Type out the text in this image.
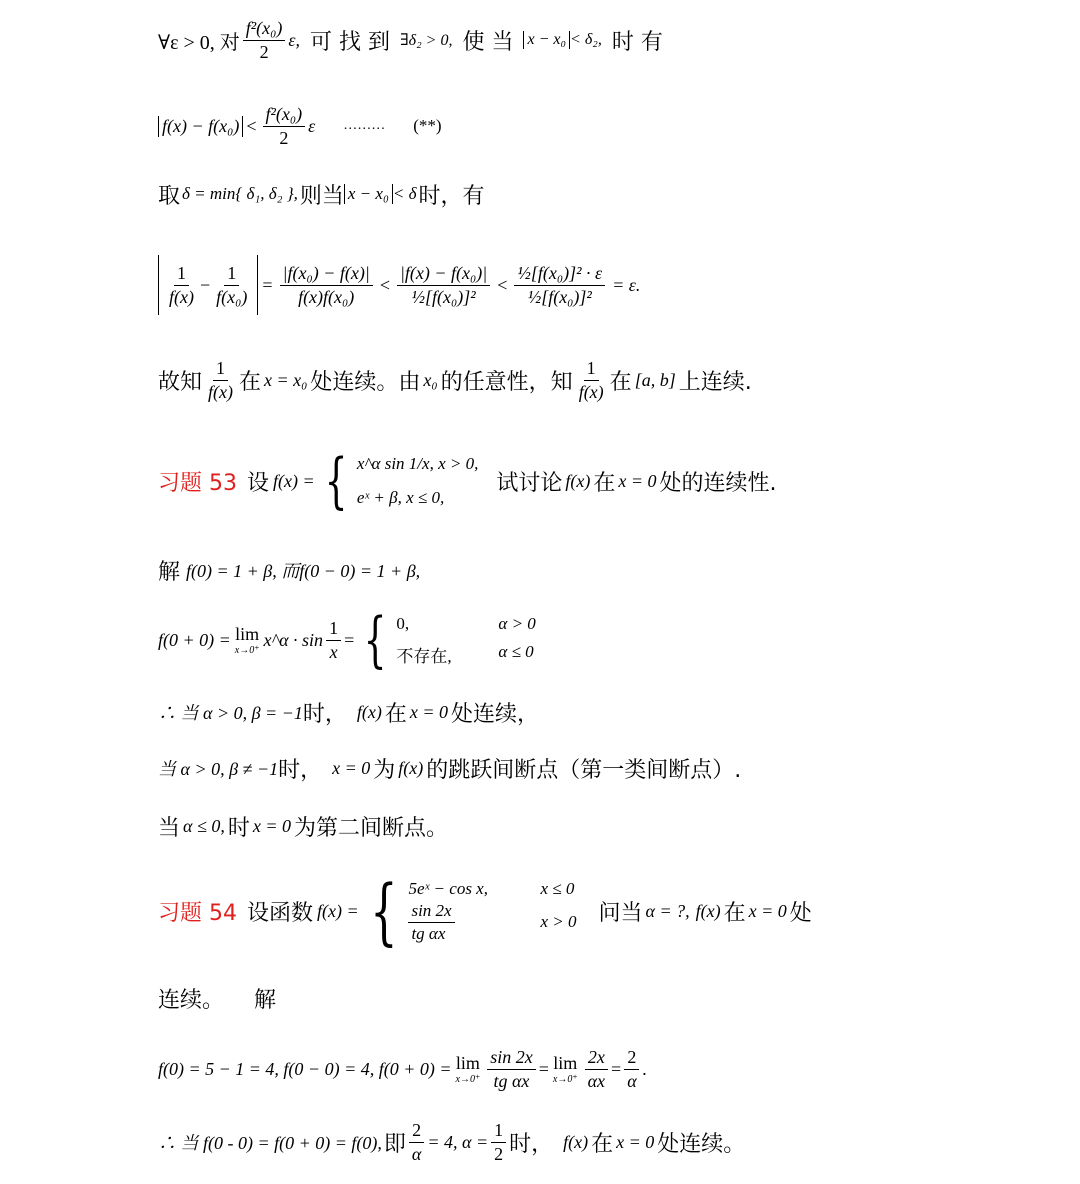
∀ε > 0, 对 $\frac{\text{f²(x₀)}}{2} \varepsilon$, 可 找 到 ∃δ₂ > 0, 使 当 x − x₀ < δ₂, 时 有
$f(x) - f(x_0) < \frac{\text{f²(x₀)}}{2}$ ε ……… (**)
取 δ = min{ δ₁, δ₂ }, 则当 x − x₀ < δ 时，有
$\frac{1}{f(x)} - \frac{1}{\text{f(x₀)}} = \frac{\text{|f(x₀) − f(x)|}}{\text{f(x)f(x₀)}} < \frac{\text{|f(x) − f(x₀)|}}{\text{½[f(x₀)]²}} < \frac{\text{½[f(x₀)]² · ε}}{\text{½[f(x₀)]²}} = \varepsilon$.
故知 $\frac{1}{f(x)}$ 在 x = x₀ 处连续。由 x₀ 的任意性，知 $\frac{1}{f(x)}$ 在 [a, b] 上连续.
习题 53 设 f(x) = { x^α sin 1/x, x > 0,
eˣ + β, x ≤ 0,
试讨论 f(x) 在 x = 0 处的连续性.
解 f(0) = 1 + β, 而f(0 − 0) = 1 + β,
f(0 + 0) = lim
x→0⁺
x^α · $\sin \frac{1}{x}$ = { 0,	α > 0
不存在,	α ≤ 0
∴ 当 α > 0, β = −1 时， f(x) 在 x = 0 处连续，
当 α > 0, β ≠ −1 时， x = 0 为 f(x) 的跳跃间断点（第一类间断点）.
当 α ≤ 0, 时 x = 0 为第二间断点。
习题 54 设函数 f(x) = { 5eˣ − cos x,	x ≤ 0
$\frac{\sin 2x}{\text{tg αx}}$ x > 0 问当 α = ?, f(x) 在 x = 0 处
连续。 解
f(0) = 5 − 1 = 4, f(0 − 0) = 4, f(0 + 0) = lim
$x\to 0^+ \frac{\sin 2x}{\text{tg αx}} = \lim$
$x\to 0^+ \frac{2x}{\alpha x} = \frac{2}{\alpha}$ .
∴ 当 f(0 - 0) = f(0 + 0) = f(0), 即 $\frac{2}{\alpha} = 4$, $\alpha = \frac{1}{2}$ 时， f(x) 在 x = 0 处连续。
